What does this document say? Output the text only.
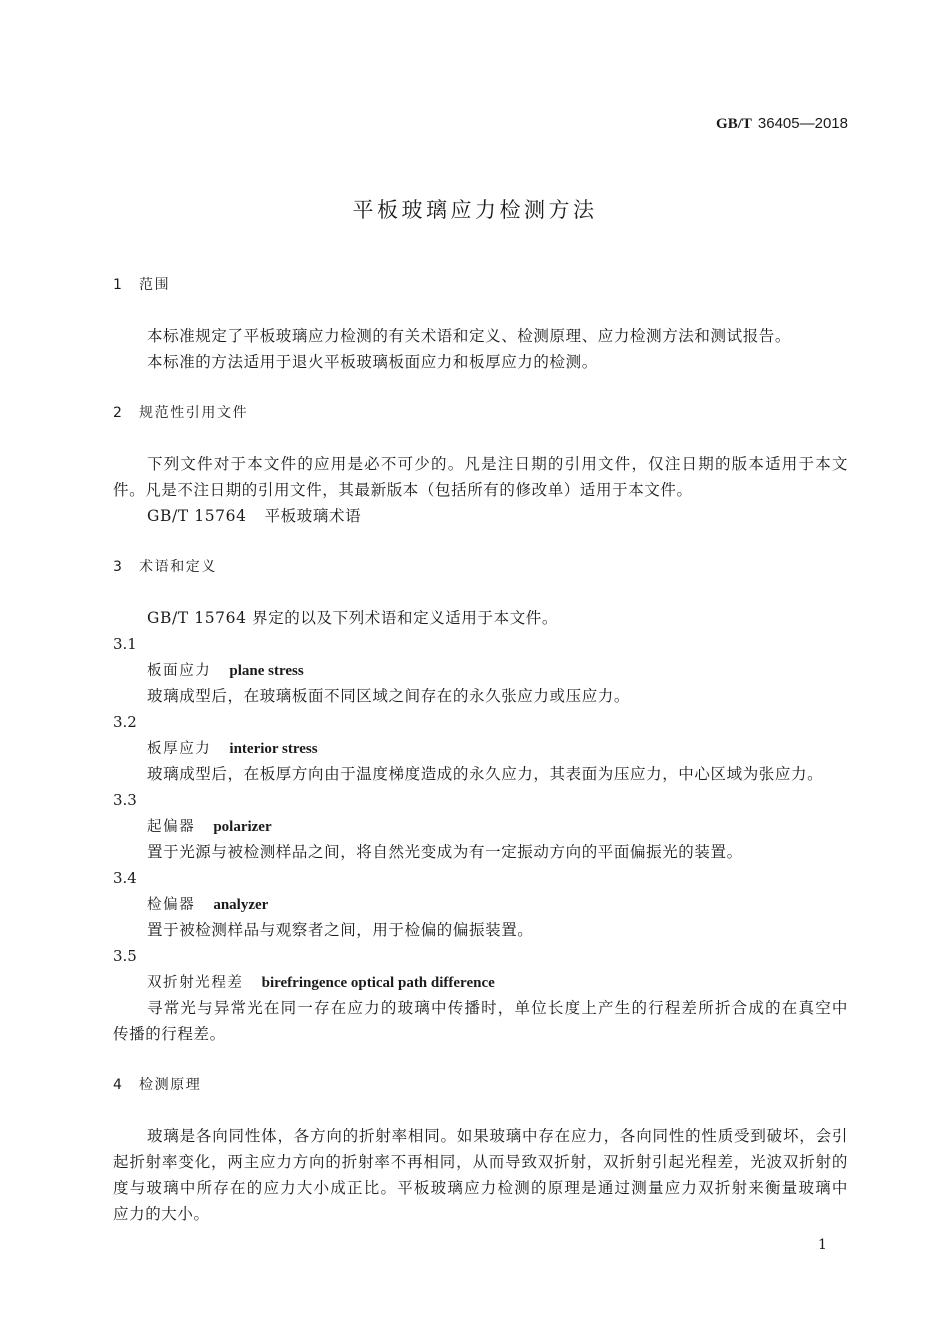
GB/T 36405—2018
平板玻璃应力检测方法
1 范围
本标准规定了平板玻璃应力检测的有关术语和定义、检测原理、应力检测方法和测试报告。
本标准的方法适用于退火平板玻璃板面应力和板厚应力的检测。
2 规范性引用文件
下列文件对于本文件的应用是必不可少的。凡是注日期的引用文件，仅注日期的版本适用于本文
件。凡是不注日期的引用文件，其最新版本（包括所有的修改单）适用于本文件。
GB/T 15764 平板玻璃术语
3 术语和定义
GB/T 15764 界定的以及下列术语和定义适用于本文件。
3.1
板面应力 plane stress
玻璃成型后，在玻璃板面不同区域之间存在的永久张应力或压应力。
3.2
板厚应力 interior stress
玻璃成型后，在板厚方向由于温度梯度造成的永久应力，其表面为压应力，中心区域为张应力。
3.3
起偏器 polarizer
置于光源与被检测样品之间，将自然光变成为有一定振动方向的平面偏振光的装置。
3.4
检偏器 analyzer
置于被检测样品与观察者之间，用于检偏的偏振装置。
3.5
双折射光程差 birefringence optical path difference
寻常光与异常光在同一存在应力的玻璃中传播时，单位长度上产生的行程差所折合成的在真空中
传播的行程差。
4 检测原理
玻璃是各向同性体，各方向的折射率相同。如果玻璃中存在应力，各向同性的性质受到破坏，会引
起折射率变化，两主应力方向的折射率不再相同，从而导致双折射，双折射引起光程差，光波双折射的
度与玻璃中所存在的应力大小成正比。平板玻璃应力检测的原理是通过测量应力双折射来衡量玻璃中
应力的大小。
1
